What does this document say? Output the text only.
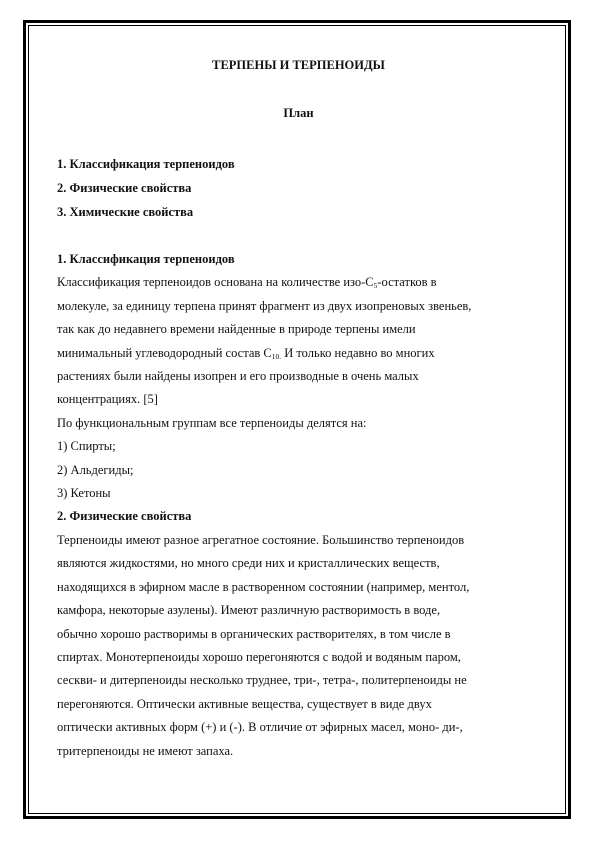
ТЕРПЕНЫ И ТЕРПЕНОИДЫ
План
1. Классификация терпеноидов
2. Физические свойства
3. Химические свойства
1. Классификация терпеноидов
Классификация терпеноидов основана на количестве изо-$C_5$-остатков в
молекуле, за единицу терпена принят фрагмент из двух изопреновых звеньев,
так как до недавнего времени найденные в природе терпены имели
минимальный углеводородный состав $C_{10.}$ И только недавно во многих
растениях были найдены изопрен и его производные в очень малых
концентрациях. [5]
По функциональным группам все терпеноиды делятся на:
1) Спирты;
2) Альдегиды;
3) Кетоны
2. Физические свойства
Терпеноиды имеют разное агрегатное состояние. Большинство терпеноидов
являются жидкостями, но много среди них и кристаллических веществ,
находящихся в эфирном масле в растворенном состоянии (например, ментол,
камфора, некоторые азулены). Имеют различную растворимость в воде,
обычно хорошо растворимы в органических растворителях, в том числе в
спиртах. Монотерпеноиды хорошо перегоняются с водой и водяным паром,
сескви- и дитерпеноиды несколько труднее, три-, тетра-, политерпеноиды не
перегоняются. Оптически активные вещества, существует в виде двух
оптически активных форм (+) и (-). В отличие от эфирных масел, моно- ди-,
тритерпеноиды не имеют запаха.
